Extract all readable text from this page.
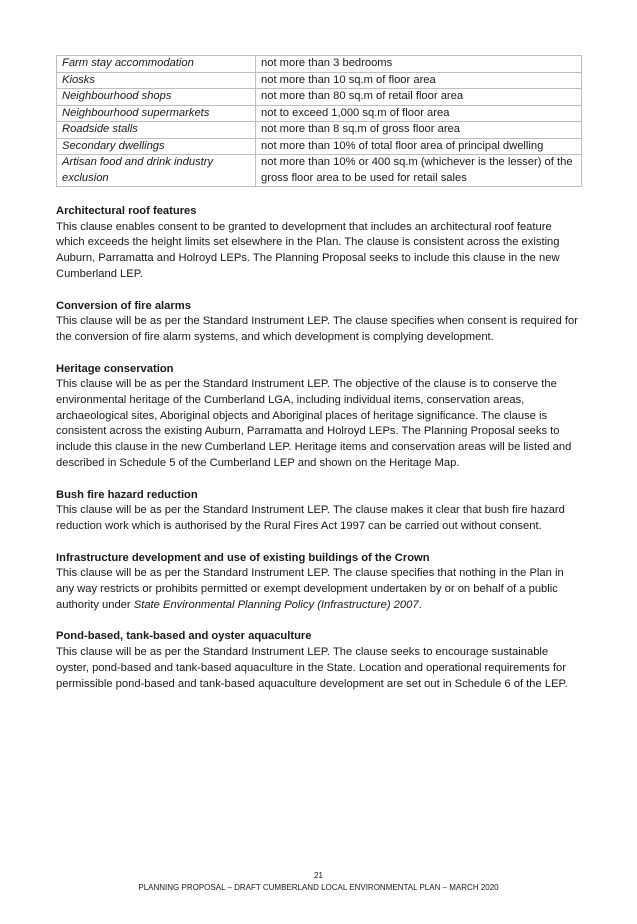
Farm stay accommodation	not more than 3 bedrooms
Kiosks	not more than 10 sq.m of floor area
Neighbourhood shops	not more than 80 sq.m of retail floor area
Neighbourhood supermarkets	not to exceed 1,000 sq.m of floor area
Roadside stalls	not more than 8 sq.m of gross floor area
Secondary dwellings	not more than 10% of total floor area of principal dwelling
Artisan food and drink industry exclusion	not more than 10% or 400 sq.m (whichever is the lesser) of the gross floor area to be used for retail sales
Architectural roof features

This clause enables consent to be granted to development that includes an architectural roof feature which exceeds the height limits set elsewhere in the Plan. The clause is consistent across the existing Auburn, Parramatta and Holroyd LEPs. The Planning Proposal seeks to include this clause in the new Cumberland LEP.

Conversion of fire alarms

This clause will be as per the Standard Instrument LEP. The clause specifies when consent is required for the conversion of fire alarm systems, and which development is complying development.

Heritage conservation

This clause will be as per the Standard Instrument LEP. The objective of the clause is to conserve the environmental heritage of the Cumberland LGA, including individual items, conservation areas, archaeological sites, Aboriginal objects and Aboriginal places of heritage significance. The clause is consistent across the existing Auburn, Parramatta and Holroyd LEPs. The Planning Proposal seeks to include this clause in the new Cumberland LEP. Heritage items and conservation areas will be listed and described in Schedule 5 of the Cumberland LEP and shown on the Heritage Map.

Bush fire hazard reduction

This clause will be as per the Standard Instrument LEP. The clause makes it clear that bush fire hazard reduction work which is authorised by the Rural Fires Act 1997 can be carried out without consent.

Infrastructure development and use of existing buildings of the Crown

This clause will be as per the Standard Instrument LEP. The clause specifies that nothing in the Plan in any way restricts or prohibits permitted or exempt development undertaken by or on behalf of a public authority under State Environmental Planning Policy (Infrastructure) 2007.

Pond-based, tank-based and oyster aquaculture

This clause will be as per the Standard Instrument LEP. The clause seeks to encourage sustainable oyster, pond-based and tank-based aquaculture in the State. Location and operational requirements for permissible pond-based and tank-based aquaculture development are set out in Schedule 6 of the LEP.

21
PLANNING PROPOSAL – DRAFT CUMBERLAND LOCAL ENVIRONMENTAL PLAN – MARCH 2020
